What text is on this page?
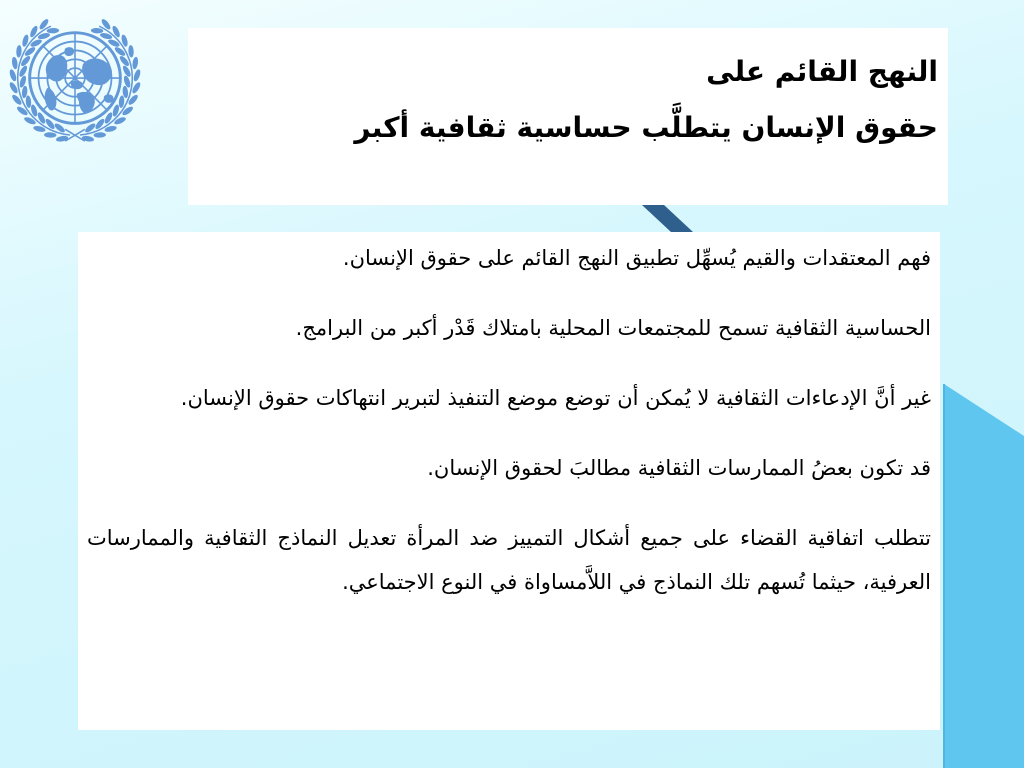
النهج القائم على
حقوق الإنسان يتطلَّب حساسية ثقافية أكبر

فهم المعتقدات والقيم يُسهِّل تطبيق النهج القائم على حقوق الإنسان.

الحساسية الثقافية تسمح للمجتمعات المحلية بامتلاك قَدْر أكبر من البرامج.

غير أنَّ الإدعاءات الثقافية لا يُمكن أن توضع موضع التنفيذ لتبرير انتهاكات حقوق الإنسان.

قد تكون بعضُ الممارسات الثقافية مطالبَ لحقوق الإنسان.

تتطلب اتفاقية القضاء على جميع أشكال التمييز ضد المرأة تعديل النماذج الثقافية والممارسات العرفية، حيثما تُسهم تلك النماذج في اللاَّمساواة في النوع الاجتماعي.
